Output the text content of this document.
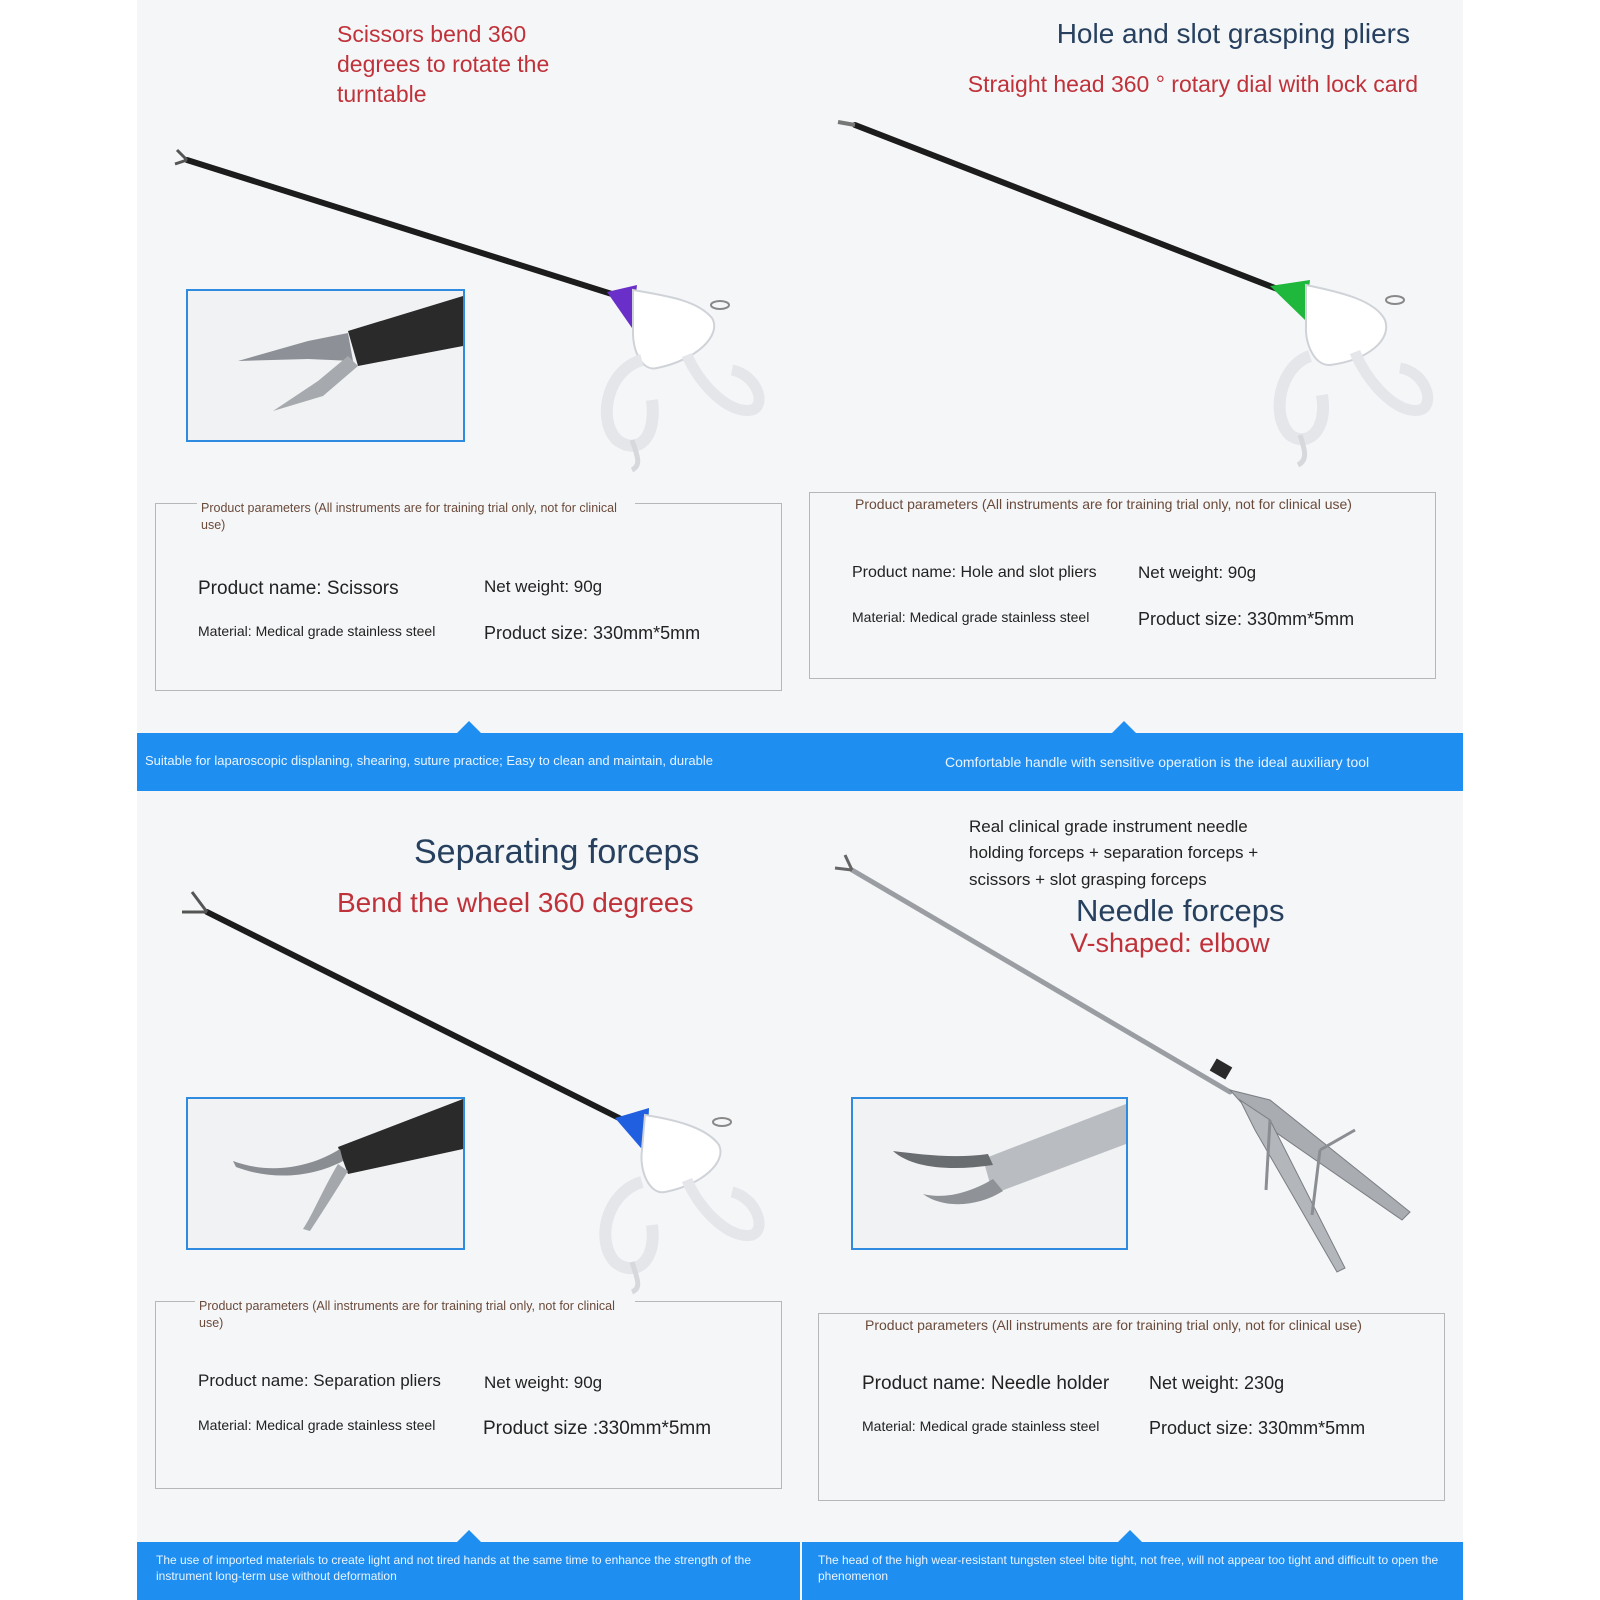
Scissors bend 360
degrees to rotate the
turntable
Product parameters (All instruments are for training trial only, not for clinical use)
Product name: Scissors
Material: Medical grade stainless steel
Net weight: 90g
Product size: 330mm*5mm
Suitable for laparoscopic displaning, shearing, suture practice; Easy to clean and maintain, durable
Hole and slot grasping pliers
Straight head 360 ° rotary dial with lock card
Product parameters (All instruments are for training trial only, not for clinical use)
Product name: Hole and slot pliers
Material: Medical grade stainless steel
Net weight: 90g
Product size: 330mm*5mm
Comfortable handle with sensitive operation is the ideal auxiliary tool
Separating forceps
Bend the wheel 360 degrees
Product parameters (All instruments are for training trial only, not for clinical use)
Product name: Separation pliers
Material: Medical grade stainless steel
Net weight: 90g
Product size :330mm*5mm
The use of imported materials to create light and not tired hands at the same time to enhance the strength of the instrument long-term use without deformation
Real clinical grade instrument needle
holding forceps + separation forceps +
scissors + slot grasping forceps
Needle forceps
V-shaped: elbow
Product parameters (All instruments are for training trial only, not for clinical use)
Product name: Needle holder
Material: Medical grade stainless steel
Net weight: 230g
Product size: 330mm*5mm
The head of the high wear-resistant tungsten steel bite tight, not free, will not appear too tight and difficult to open the phenomenon
